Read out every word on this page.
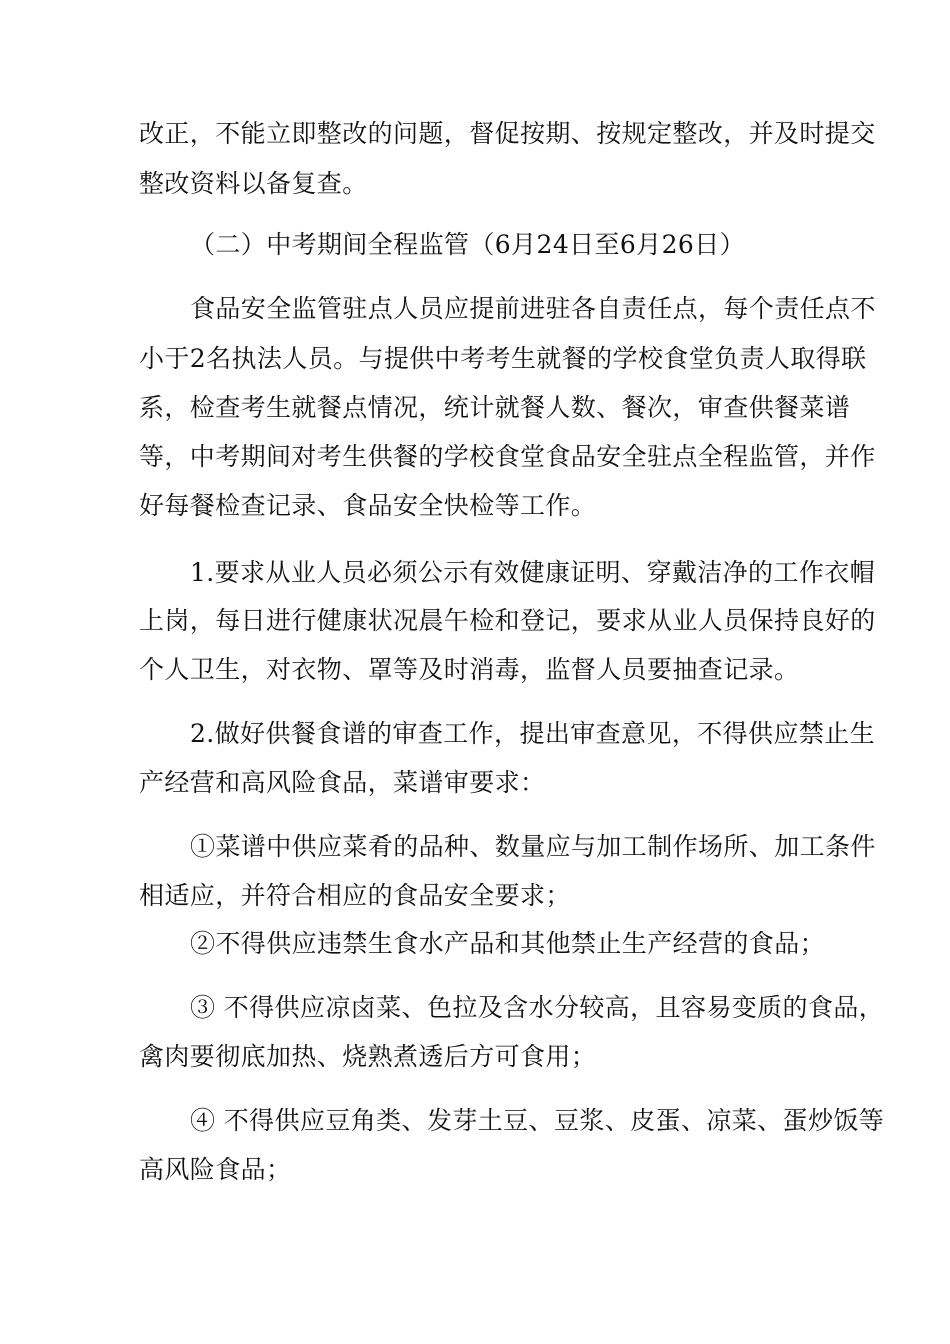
改正，不能立即整改的问题，督促按期、按规定整改，并及时提交
整改资料以备复查。
（二）中考期间全程监管（6月24日至6月26日）
食品安全监管驻点人员应提前进驻各自责任点，每个责任点不
小于2名执法人员。与提供中考考生就餐的学校食堂负责人取得联
系，检查考生就餐点情况，统计就餐人数、餐次，审查供餐菜谱
等，中考期间对考生供餐的学校食堂食品安全驻点全程监管，并作
好每餐检查记录、食品安全快检等工作。
1.要求从业人员必须公示有效健康证明、穿戴洁净的工作衣帽
上岗，每日进行健康状况晨午检和登记，要求从业人员保持良好的
个人卫生，对衣物、罩等及时消毒，监督人员要抽查记录。
2.做好供餐食谱的审查工作，提出审查意见，不得供应禁止生
产经营和高风险食品，菜谱审要求：
①菜谱中供应菜肴的品种、数量应与加工制作场所、加工条件
相适应，并符合相应的食品安全要求；
②不得供应违禁生食水产品和其他禁止生产经营的食品；
③ 不得供应凉卤菜、色拉及含水分较高，且容易变质的食品，
禽肉要彻底加热、烧熟煮透后方可食用；
④ 不得供应豆角类、发芽土豆、豆浆、皮蛋、凉菜、蛋炒饭等
高风险食品；
